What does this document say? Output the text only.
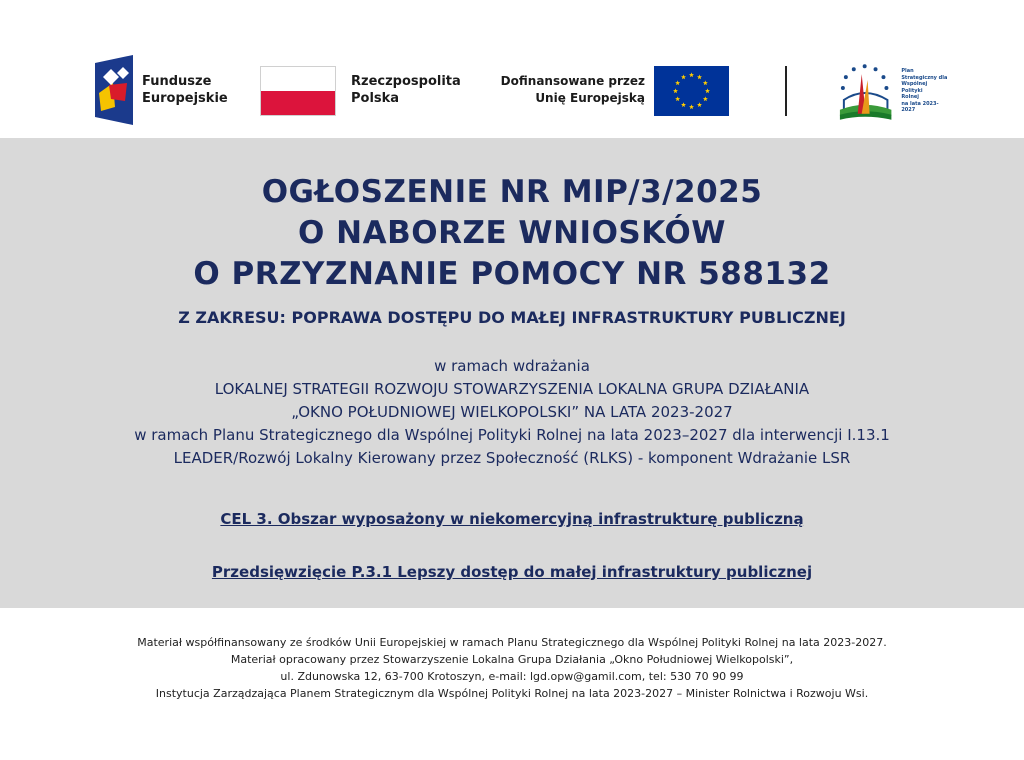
Fundusze
Europejskie
Rzeczpospolita
Polska
Dofinansowane przez
Unię Europejską
Plan
Strategiczny dla
Wspólnej
Polityki
Rolnej
na lata 2023-2027
OGŁOSZENIE NR MIP/3/2025
O NABORZE WNIOSKÓW
O PRZYZNANIE POMOCY NR 588132
Z ZAKRESU: POPRAWA DOSTĘPU DO MAŁEJ INFRASTRUKTURY PUBLICZNEJ
w ramach wdrażania
LOKALNEJ STRATEGII ROZWOJU STOWARZYSZENIA LOKALNA GRUPA DZIAŁANIA
„OKNO POŁUDNIOWEJ WIELKOPOLSKI” NA LATA 2023-2027
w ramach Planu Strategicznego dla Wspólnej Polityki Rolnej na lata 2023–2027 dla interwencji I.13.1
LEADER/Rozwój Lokalny Kierowany przez Społeczność (RLKS) - komponent Wdrażanie LSR
CEL 3. Obszar wyposażony w niekomercyjną infrastrukturę publiczną
Przedsięwzięcie P.3.1 Lepszy dostęp do małej infrastruktury publicznej
Materiał współfinansowany ze środków Unii Europejskiej w ramach Planu Strategicznego dla Wspólnej Polityki Rolnej na lata 2023-2027.
Materiał opracowany przez Stowarzyszenie Lokalna Grupa Działania „Okno Południowej Wielkopolski”,
ul. Zdunowska 12, 63-700 Krotoszyn, e-mail: lgd.opw@gamil.com, tel: 530 70 90 99
Instytucja Zarządzająca Planem Strategicznym dla Wspólnej Polityki Rolnej na lata 2023-2027 – Minister Rolnictwa i Rozwoju Wsi.
